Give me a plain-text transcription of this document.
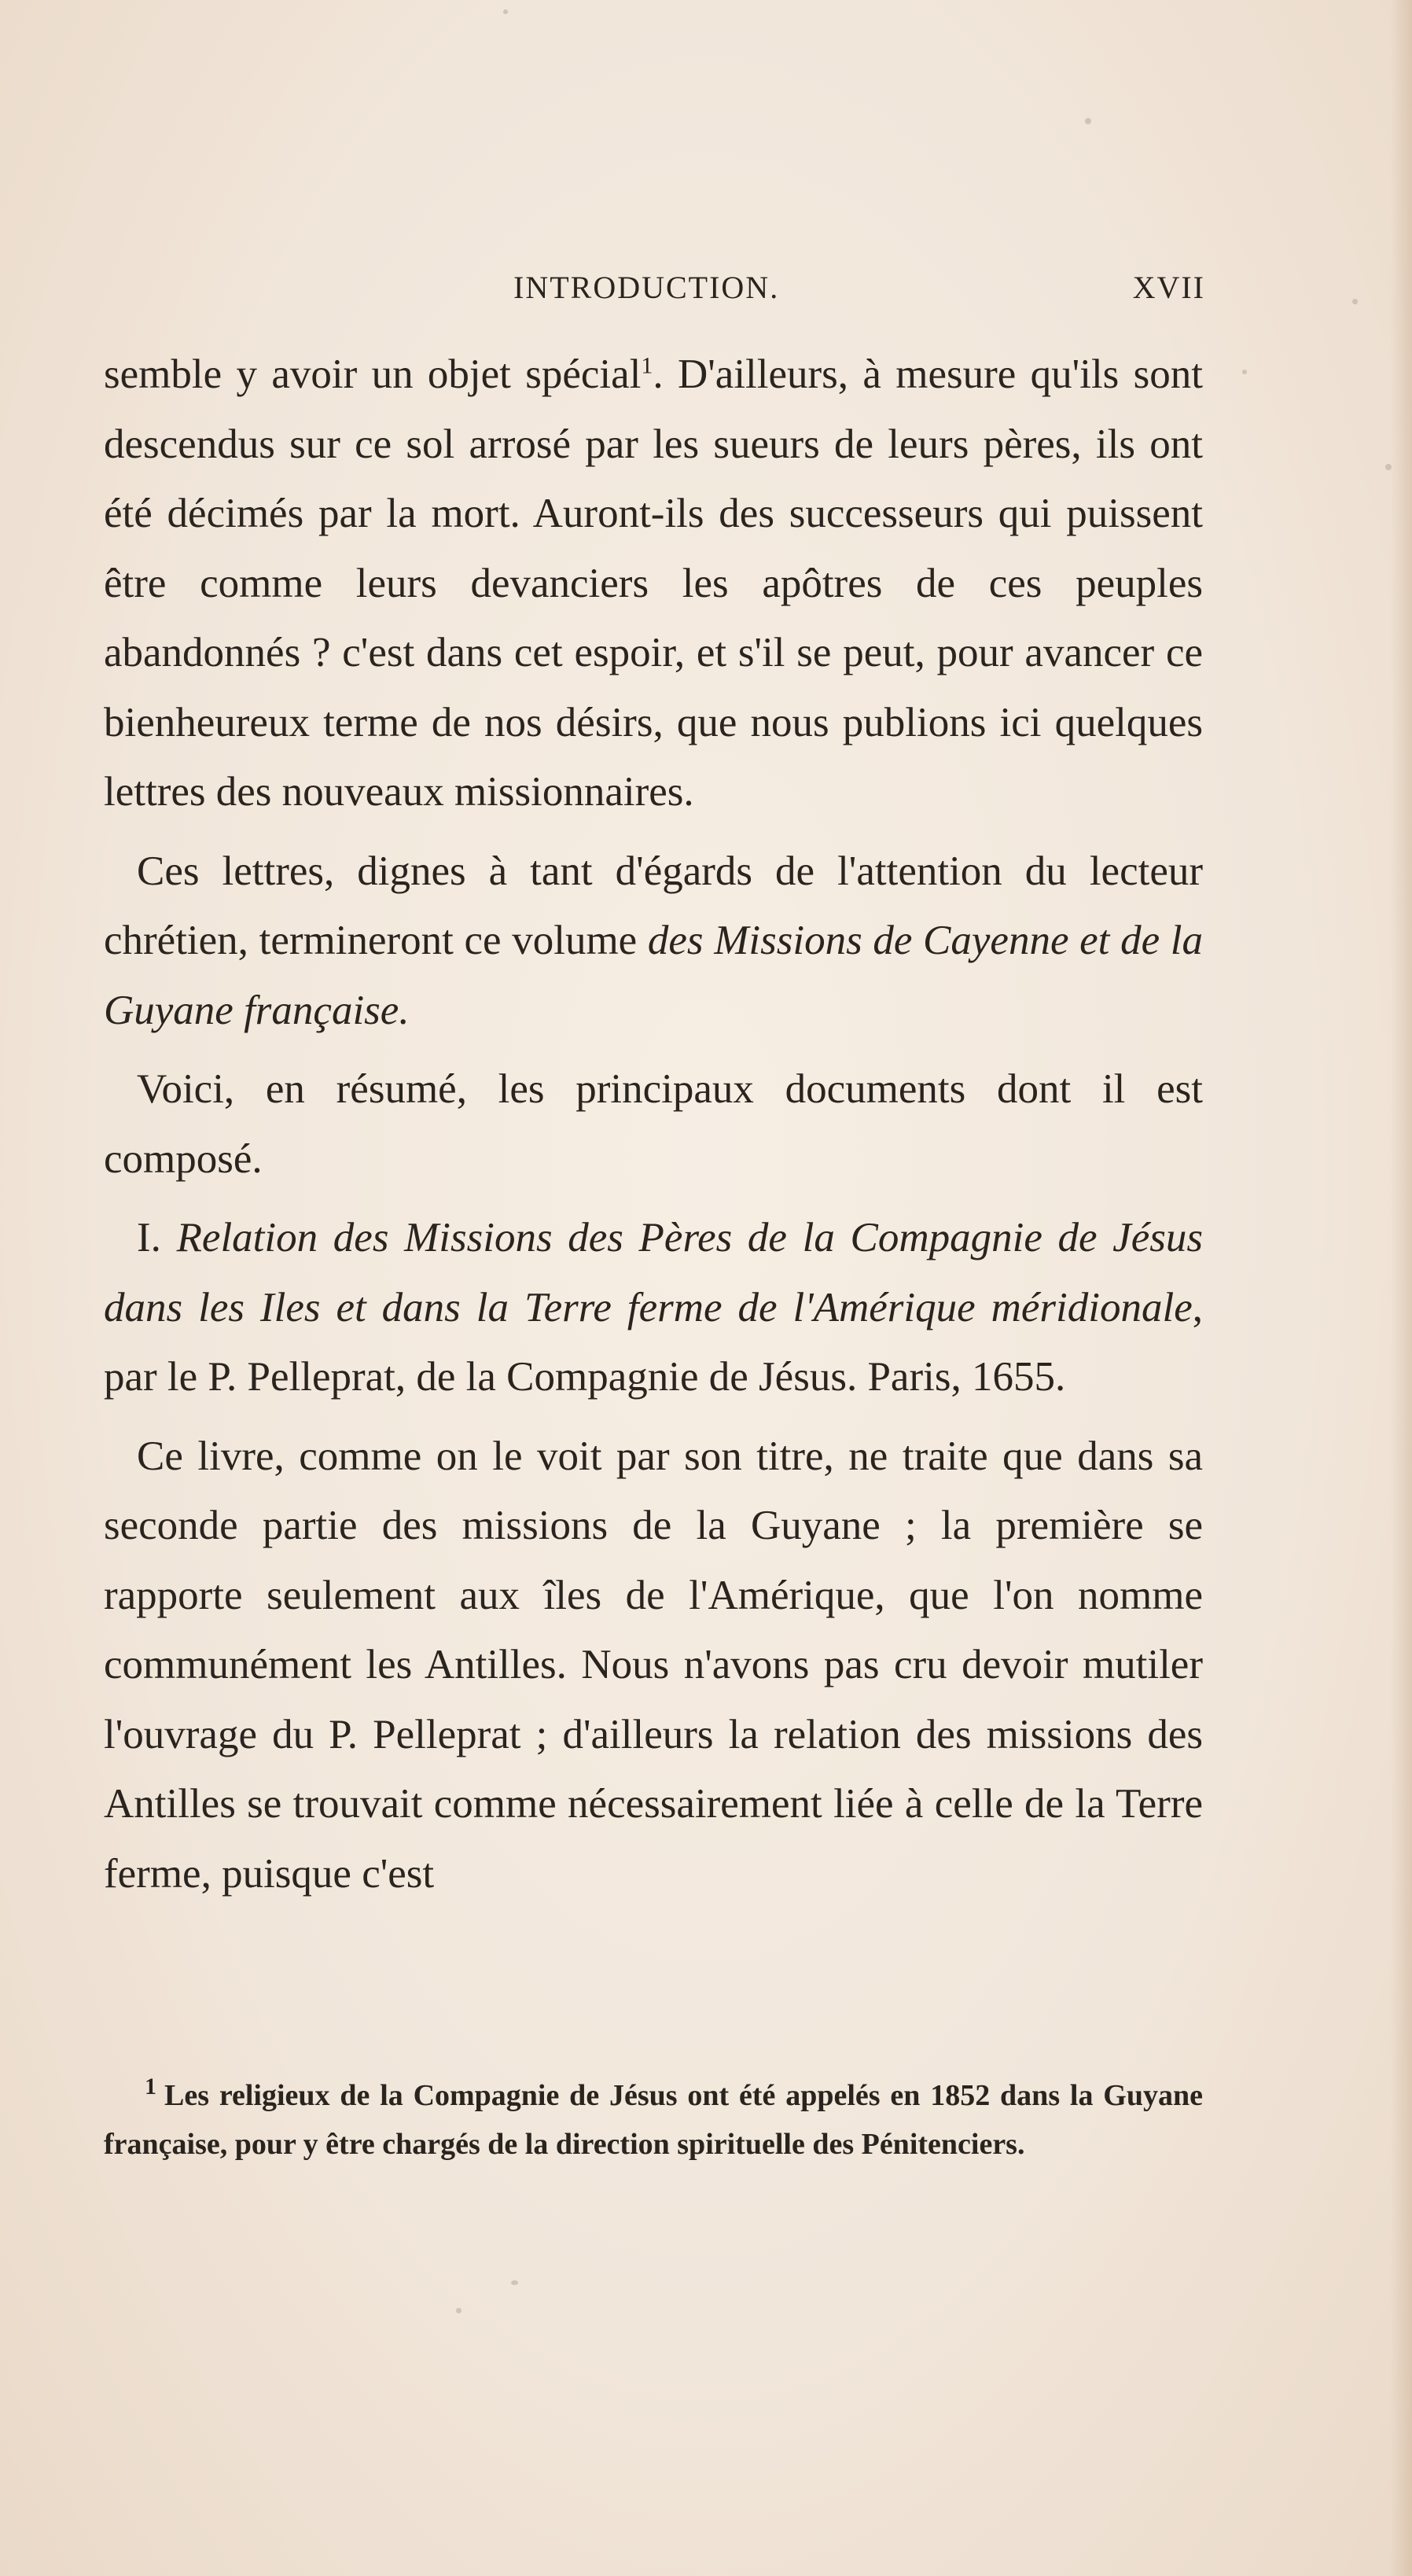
INTRODUCTION.	XVII

semble y avoir un objet spécial$^1$. D'ailleurs, à mesure qu'ils sont descendus sur ce sol arrosé par les sueurs de leurs pères, ils ont été décimés par la mort. Auront-ils des successeurs qui puissent être comme leurs devanciers les apôtres de ces peuples abandonnés ? c'est dans cet espoir, et s'il se peut, pour avancer ce bienheureux terme de nos désirs, que nous publions ici quelques lettres des nouveaux missionnaires.

Ces lettres, dignes à tant d'égards de l'attention du lecteur chrétien, termineront ce volume des Missions de Cayenne et de la Guyane française.

Voici, en résumé, les principaux documents dont il est composé.

I. Relation des Missions des Pères de la Compagnie de Jésus dans les Iles et dans la Terre ferme de l'Amérique méridionale, par le P. Pelleprat, de la Compagnie de Jésus. Paris, 1655.

Ce livre, comme on le voit par son titre, ne traite que dans sa seconde partie des missions de la Guyane ; la première se rapporte seulement aux îles de l'Amérique, que l'on nomme communément les Antilles. Nous n'avons pas cru devoir mutiler l'ouvrage du P. Pelleprat ; d'ailleurs la relation des missions des Antilles se trouvait comme nécessairement liée à celle de la Terre ferme, puisque c'est

$^1$ Les religieux de la Compagnie de Jésus ont été appelés en 1852 dans la Guyane française, pour y être chargés de la direction spirituelle des Pénitenciers.
